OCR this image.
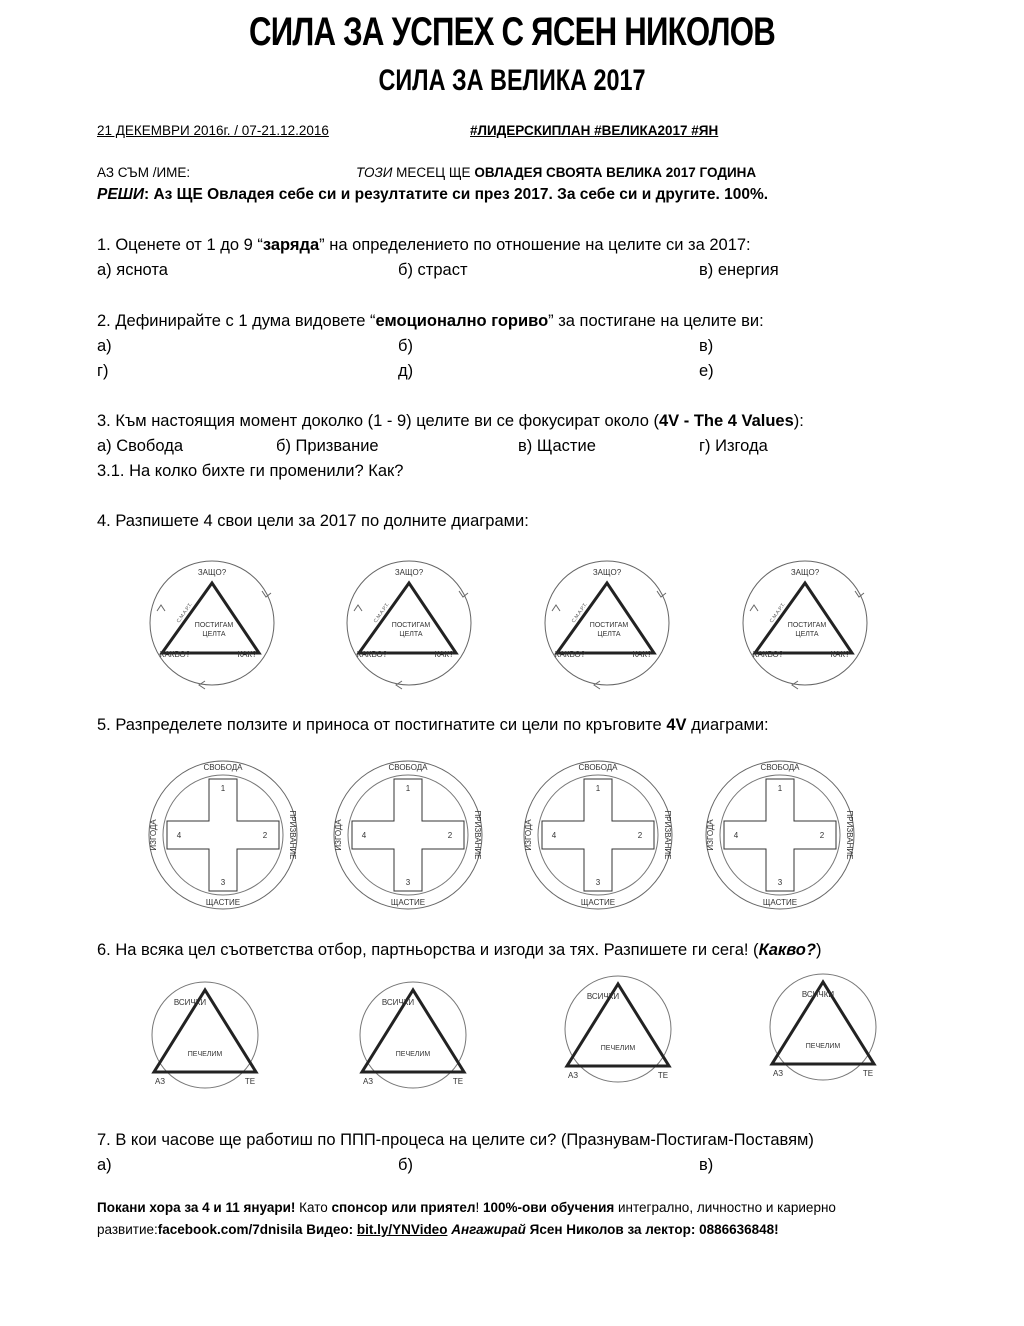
СИЛА ЗА УСПЕХ С ЯСЕН НИКОЛОВ
СИЛА ЗА ВЕЛИКА 2017
21 ДЕКЕМВРИ 2016г. / 07-21.12.2016	#ЛИДЕРСКИПЛАН #ВЕЛИКА2017 #ЯН
АЗ СЪМ /ИМЕ:	ТОЗИ МЕСЕЦ ЩЕ ОВЛАДЕЯ СВОЯТА ВЕЛИКА 2017 ГОДИНА
РЕШИ: Аз ЩЕ Овладея себе си и резултатите си през 2017. За себе си и другите. 100%.
1. Оценете от 1 до 9 “заряда” на определението по отношение на целите си за 2017:
а) яснота	б) страст	в) енергия
2. Дефинирайте с 1 дума видовете “емоционално гориво” за постигане на целите ви:
а)	б)	в)
г)	д)	е)
3. Към настоящия момент доколко (1 - 9) целите ви се фокусират около (4V - The 4 Values):
а) Свобода	б) Призвание	в) Щастие	г) Изгода
3.1. На колко бихте ги променили? Как?
4. Разпишете 4 свои цели за 2017 по долните диаграми:
ЗАЩО?
КАКВО?	КАК?
ПОСТИГАМ
ЦЕЛТА
С.М.А.Р.Т.
ЗАЩО?
КАКВО?	КАК?
ПОСТИГАМ
ЦЕЛТА
С.М.А.Р.Т.
ЗАЩО?
КАКВО?	КАК?
ПОСТИГАМ
ЦЕЛТА
С.М.А.Р.Т.
ЗАЩО?
КАКВО?	КАК?
ПОСТИГАМ
ЦЕЛТА
С.М.А.Р.Т.
5. Разпределете ползите и приноса от постигнатите си цели по кръговите 4V диаграми:
СВОБОДА
ЩАСТИЕ
ИЗГОДА	ПРИЗВАНИЕ
1
2
3
4
СВОБОДА
ЩАСТИЕ
ИЗГОДА	ПРИЗВАНИЕ
1
2
3
4
СВОБОДА
ЩАСТИЕ
ИЗГОДА	ПРИЗВАНИЕ
1
2
3
4
СВОБОДА
ЩАСТИЕ
ИЗГОДА	ПРИЗВАНИЕ
1
2
3
4
6. На всяка цел съответства отбор, партньорства и изгоди за тях. Разпишете ги сега! (Какво?)
ВСИЧКИ
ПЕЧЕЛИМ
АЗ	ТЕ
ВСИЧКИ
ПЕЧЕЛИМ
АЗ	ТЕ
ВСИЧКИ
ПЕЧЕЛИМ
АЗ	ТЕ
ВСИЧКИ
ПЕЧЕЛИМ
АЗ	ТЕ
7. В кои часове ще работиш по ППП-процеса на целите си? (Празнувам-Постигам-Поставям)
а)	б)	в)
Покани хора за 4 и 11 януари! Като спонсор или приятел! 100%-ови обучения интегрално, личностно и кариерно
развитие:facebook.com/7dnisila Видео: bit.ly/YNVideo Ангажирай Ясен Николов за лектор: 0886636848!
